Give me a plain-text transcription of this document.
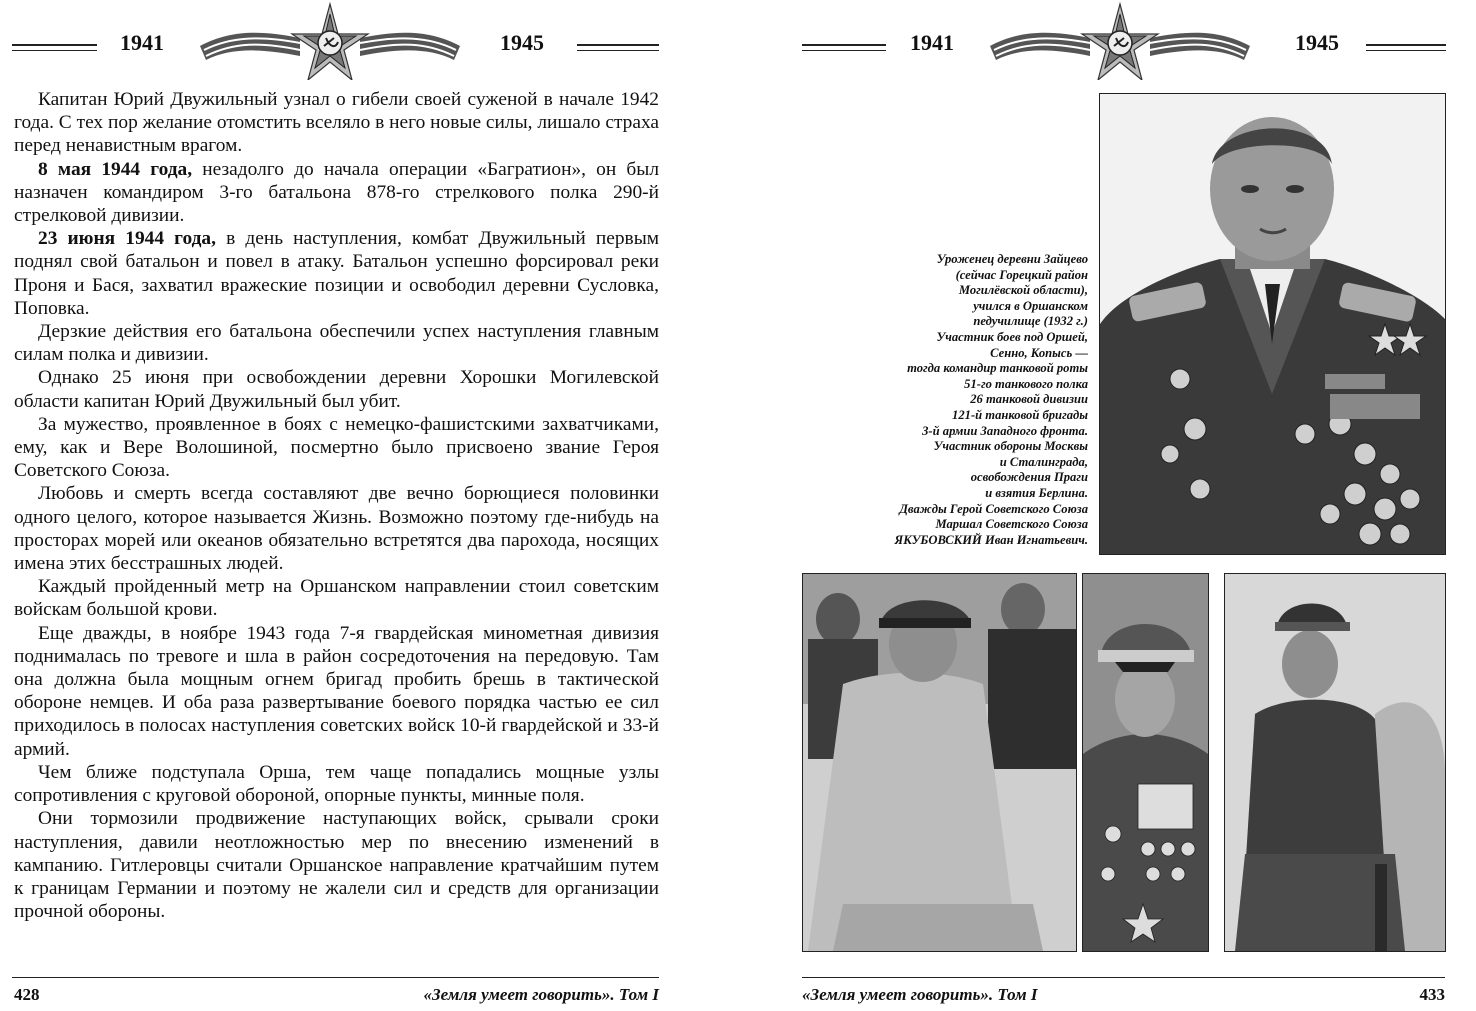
1941	1945

Капитан Юрий Двужильный узнал о гибели своей суженой в начале 1942 года. С тех пор желание отомстить вселяло в него новые силы, лишало страха перед ненавистным врагом.

8 мая 1944 года, незадолго до начала операции «Багратион», он был назначен командиром 3-го батальона 878-го стрелкового полка 290-й стрелковой дивизии.

23 июня 1944 года, в день наступления, комбат Двужильный первым поднял свой батальон и повел в атаку. Батальон успешно форсировал реки Проня и Бася, захватил вражеские позиции и освободил деревни Сусловка, Поповка.

Дерзкие действия его батальона обеспечили успех наступления главным силам полка и дивизии.

Однако 25 июня при освобождении деревни Хорошки Могилевской области капитан Юрий Двужильный был убит.

За мужество, проявленное в боях с немецко-фашистскими захватчиками, ему, как и Вере Волошиной, посмертно было присвоено звание Героя Советского Союза.

Любовь и смерть всегда составляют две вечно борющиеся половинки одного целого, которое называется Жизнь. Возможно поэтому где-нибудь на просторах морей или океанов обязательно встретятся два парохода, носящих имена этих бесстрашных людей.

Каждый пройденный метр на Оршанском направлении стоил советским войскам большой крови.

Еще дважды, в ноябре 1943 года 7-я гвардейская минометная дивизия поднималась по тревоге и шла в район сосредоточения на передовую. Там она должна была мощным огнем бригад пробить брешь в тактической обороне немцев. И оба раза развертывание боевого порядка частью ее сил приходилось в полосах наступления советских войск 10-й гвардейской и 33-й армий.

Чем ближе подступала Орша, тем чаще попадались мощные узлы сопротивления с круговой обороной, опорные пункты, минные поля.

Они тормозили продвижение наступающих войск, срывали сроки наступления, давили неотложностью мер по внесению изменений в кампанию. Гитлеровцы считали Оршанское направление кратчайшим путем к границам Германии и поэтому не жалели сил и средств для организации прочной обороны.

428	«Земля умеет говорить». Том I
1941	1945
Уроженец деревни Зайцево
(сейчас Горецкий район
Могилёвской области),
учился в Оршанском
педучилище (1932 г.)
Участник боев под Оршей,
Сенно, Копысь —
тогда командир танковой роты
51-го танкового полка
26 танковой дивизии
121-й танковой бригады
3-й армии Западного фронта.
Участник обороны Москвы
и Сталинграда,
освобождения Праги
и взятия Берлина.
Дважды Герой Советского Союза
Маршал Советского Союза
ЯКУБОВСКИЙ Иван Игнатьевич.
«Земля умеет говорить». Том I	433
